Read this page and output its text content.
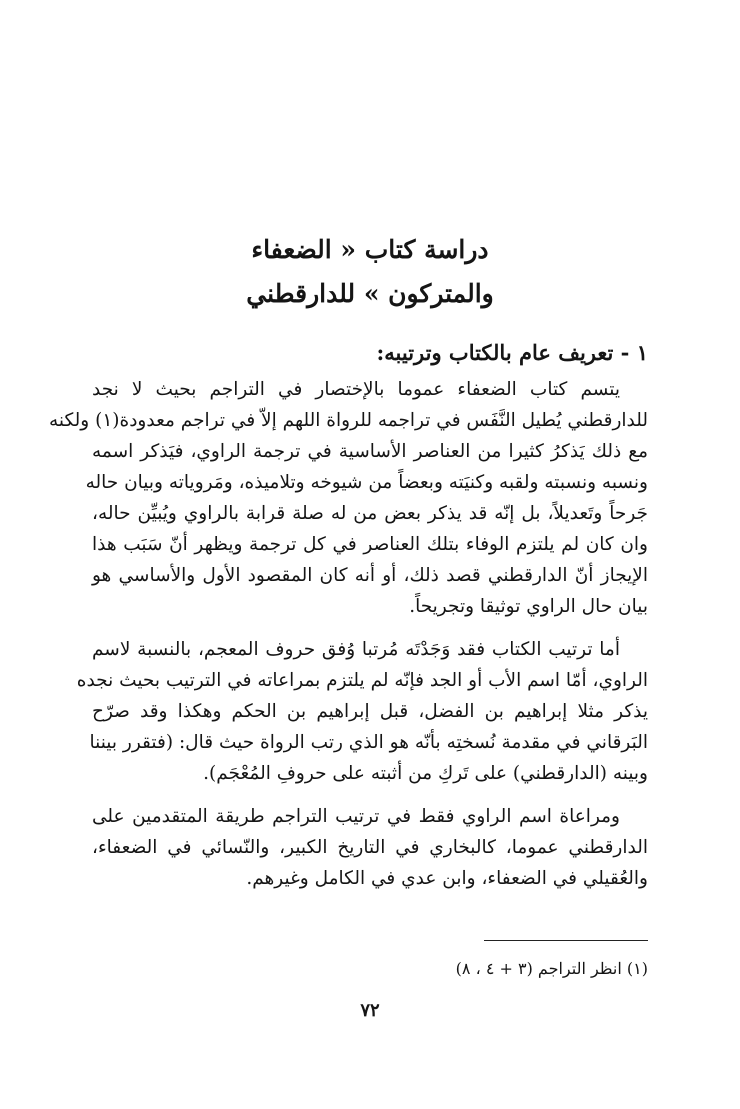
دراسة كتاب « الضعفاء
والمتركون » للدارقطني
١ - تعريف عام بالكتاب وترتيبه:

يتسم كتاب الضعفاء عموما بالإختصار في التراجم بحيث لا نجد
للدارقطني يُطيل النَّفَس في تراجمه للرواة اللهم إلاّ في تراجم معدودة(١) ولكنه
مع ذلك يَذكرُ كثيرا من العناصر الأساسية في ترجمة الراوي، فيَذكر اسمه
ونسبه ونسبته ولقبه وكنيَته وبعضاً من شيوخه وتلاميذه، ومَروياته وبيان حاله
جَرحاً وتَعديلاً، بل إنّه قد يذكر بعض من له صلة قرابة بالراوي ويُبيِّن حاله،
وان كان لم يلتزم الوفاء بتلك العناصر في كل ترجمة ويظهر أنّ سَبَب هذا
الإيجاز أنّ الدارقطني قصد ذلك، أو أنه كان المقصود الأول والأساسي هو
بيان حال الراوي توثيقا وتجريحاً.

أما ترتيب الكتاب فقد وَجَدْتَه مُرتبا وُفق حروف المعجم، بالنسبة لاسم
الراوي، أمّا اسم الأب أو الجد فإنّه لم يلتزم بمراعاته في الترتيب بحيث نجده
يذكر مثلا إبراهيم بن الفضل، قبل إبراهيم بن الحكم وهكذا وقد صرّح
البَرقاني في مقدمة نُسختِه بأنّه هو الذي رتب الرواة حيث قال: (فتقرر بيننا
وبينه (الدارقطني) على تَركِ من أثبته على حروفِ المُعْجَم).

ومراعاة اسم الراوي فقط في ترتيب التراجم طريقة المتقدمين على
الدارقطني عموما، كالبخاري في التاريخ الكبير، والنّسائي في الضعفاء،
والعُقيلي في الضعفاء، وابن عدي في الكامل وغيرهم.

(١) انظر التراجم (٣ + ٤ ، ٨)

٧٢
